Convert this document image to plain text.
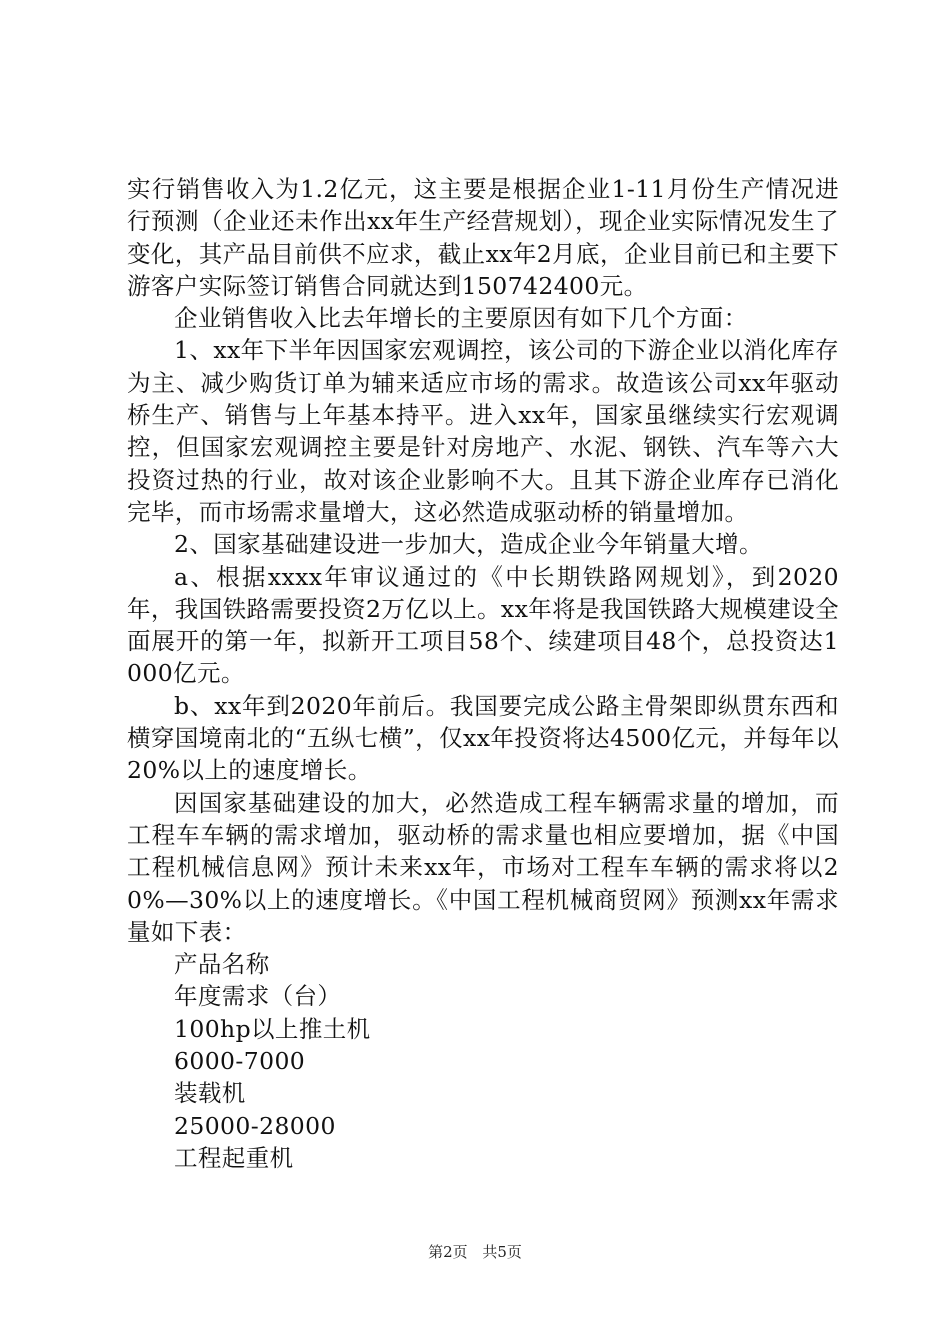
实行销售收入为1.2亿元，这主要是根据企业1-11月份生产情况进行预测（企业还未作出xx年生产经营规划），现企业实际情况发生了变化，其产品目前供不应求，截止xx年2月底，企业目前已和主要下游客户实际签订销售合同就达到150742400元。

企业销售收入比去年增长的主要原因有如下几个方面：

1、xx年下半年因国家宏观调控，该公司的下游企业以消化库存为主、减少购货订单为辅来适应市场的需求。故造该公司xx年驱动桥生产、销售与上年基本持平。进入xx年，国家虽继续实行宏观调控，但国家宏观调控主要是针对房地产、水泥、钢铁、汽车等六大投资过热的行业，故对该企业影响不大。且其下游企业库存已消化完毕，而市场需求量增大，这必然造成驱动桥的销量增加。

2、国家基础建设进一步加大，造成企业今年销量大增。

a、根据xxxx年审议通过的《中长期铁路网规划》，到2020年，我国铁路需要投资2万亿以上。xx年将是我国铁路大规模建设全面展开的第一年，拟新开工项目58个、续建项目48个，总投资达1000亿元。

b、xx年到2020年前后。我国要完成公路主骨架即纵贯东西和横穿国境南北的“五纵七横”，仅xx年投资将达4500亿元，并每年以20%以上的速度增长。

因国家基础建设的加大，必然造成工程车辆需求量的增加，而工程车车辆的需求增加，驱动桥的需求量也相应要增加，据《中国工程机械信息网》预计未来xx年，市场对工程车车辆的需求将以20%—30%以上的速度增长。《中国工程机械商贸网》预测xx年需求量如下表：

产品名称

年度需求（台）

100hp以上推土机

6000-7000

装载机

25000-28000

工程起重机

第2页 共5页
